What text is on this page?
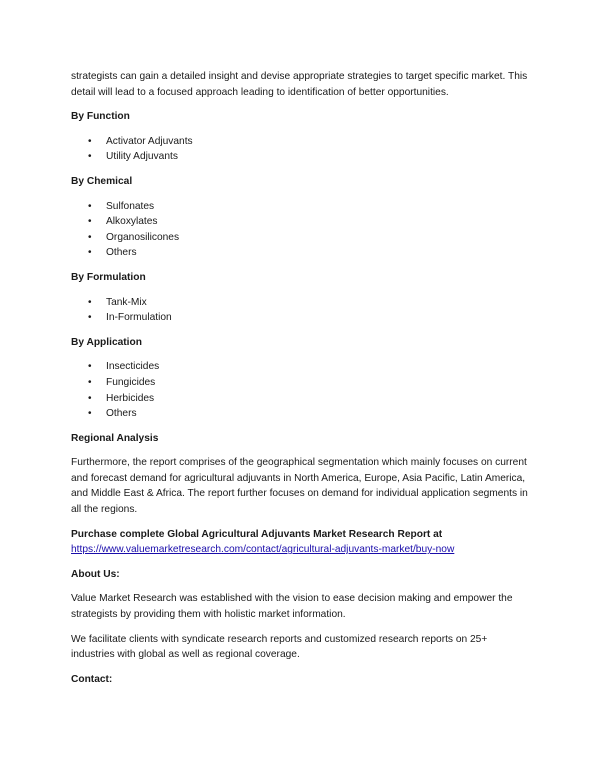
strategists can gain a detailed insight and devise appropriate strategies to target specific market. This detail will lead to a focused approach leading to identification of better opportunities.

By Function

• Activator Adjuvants
• Utility Adjuvants

By Chemical

• Sulfonates
• Alkoxylates
• Organosilicones
• Others

By Formulation

• Tank-Mix
• In-Formulation

By Application

• Insecticides
• Fungicides
• Herbicides
• Others

Regional Analysis

Furthermore, the report comprises of the geographical segmentation which mainly focuses on current and forecast demand for agricultural adjuvants in North America, Europe, Asia Pacific, Latin America, and Middle East & Africa. The report further focuses on demand for individual application segments in all the regions.

Purchase complete Global Agricultural Adjuvants Market Research Report at

https://www.valuemarketresearch.com/contact/agricultural-adjuvants-market/buy-now

About Us:

Value Market Research was established with the vision to ease decision making and empower the strategists by providing them with holistic market information.

We facilitate clients with syndicate research reports and customized research reports on 25+ industries with global as well as regional coverage.

Contact:
